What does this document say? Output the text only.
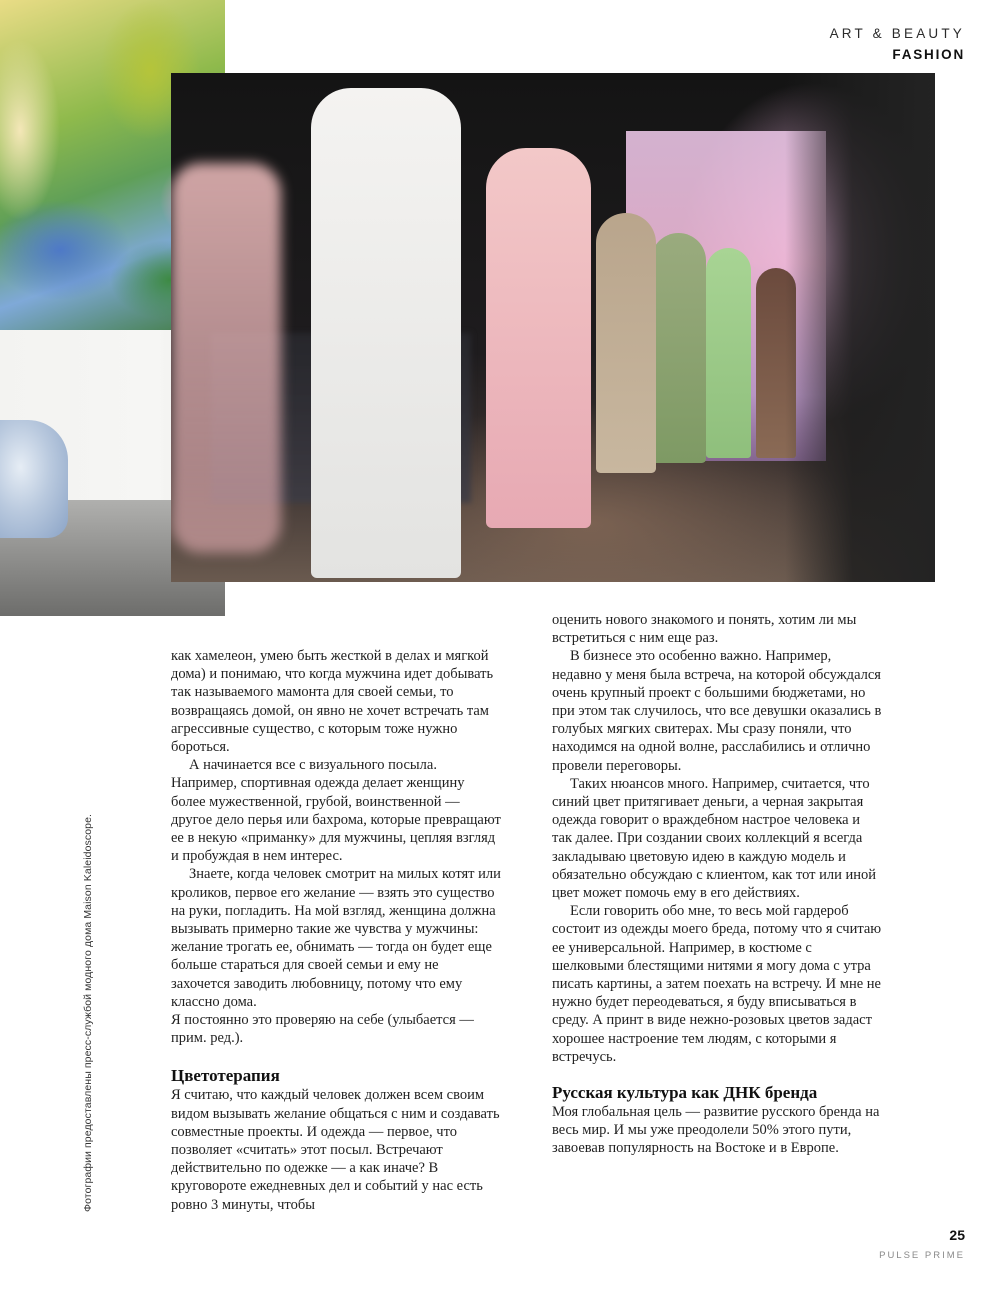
ART & BEAUTY
FASHION
Фотографии предоставлены пресс-службой модного дома Maison Kaleidoscope.

как хамелеон, умею быть жесткой в делах и мягкой дома) и понимаю, что когда мужчина идет добывать так называемого мамонта для своей семьи, то возвращаясь домой, он явно не хочет встречать там агрессивные существо, с которым тоже нужно бороться.

А начинается все с визуального посыла. Например, спортивная одежда делает женщину более мужественной, грубой, воинственной — другое дело перья или бахрома, которые превращают ее в некую «приманку» для мужчины, цепляя взгляд и пробуждая в нем интерес.

Знаете, когда человек смотрит на милых котят или кроликов, первое его желание — взять это существо на руки, погладить. На мой взгляд, женщина должна вызывать примерно такие же чувства у мужчины: желание трогать ее, обнимать — тогда он будет еще больше стараться для своей семьи и ему не захочется заводить любовницу, потому что ему классно дома.

Я постоянно это проверяю на себе (улыбается — прим. ред.).

Цветотерапия

Я считаю, что каждый человек должен всем своим видом вызывать желание общаться с ним и создавать совместные проекты. И одежда — первое, что позволяет «считать» этот посыл. Встречают действительно по одежке — а как иначе? В круговороте ежедневных дел и событий у нас есть ровно 3 минуты, чтобы

оценить нового знакомого и понять, хотим ли мы встретиться с ним еще раз.

В бизнесе это особенно важно. Например, недавно у меня была встреча, на которой обсуждался очень крупный проект с большими бюджетами, но при этом так случилось, что все девушки оказались в голубых мягких свитерах. Мы сразу поняли, что находимся на одной волне, расслабились и отлично провели переговоры.

Таких нюансов много. Например, считается, что синий цвет притягивает деньги, а черная закрытая одежда говорит о враждебном настрое человека и так далее. При создании своих коллекций я всегда закладываю цветовую идею в каждую модель и обязательно обсуждаю с клиентом, как тот или иной цвет может помочь ему в его действиях.

Если говорить обо мне, то весь мой гардероб состоит из одежды моего бреда, потому что я считаю ее универсальной. Например, в костюме с шелковыми блестящими нитями я могу дома с утра писать картины, а затем поехать на встречу. И мне не нужно будет переодеваться, я буду вписываться в среду. А принт в виде нежно-розовых цветов задаст хорошее настроение тем людям, с которыми я встречусь.

Русская культура как ДНК бренда

Моя глобальная цель — развитие русского бренда на весь мир. И мы уже преодолели 50% этого пути, завоевав популярность на Востоке и в Европе.

25
PULSE PRIME
